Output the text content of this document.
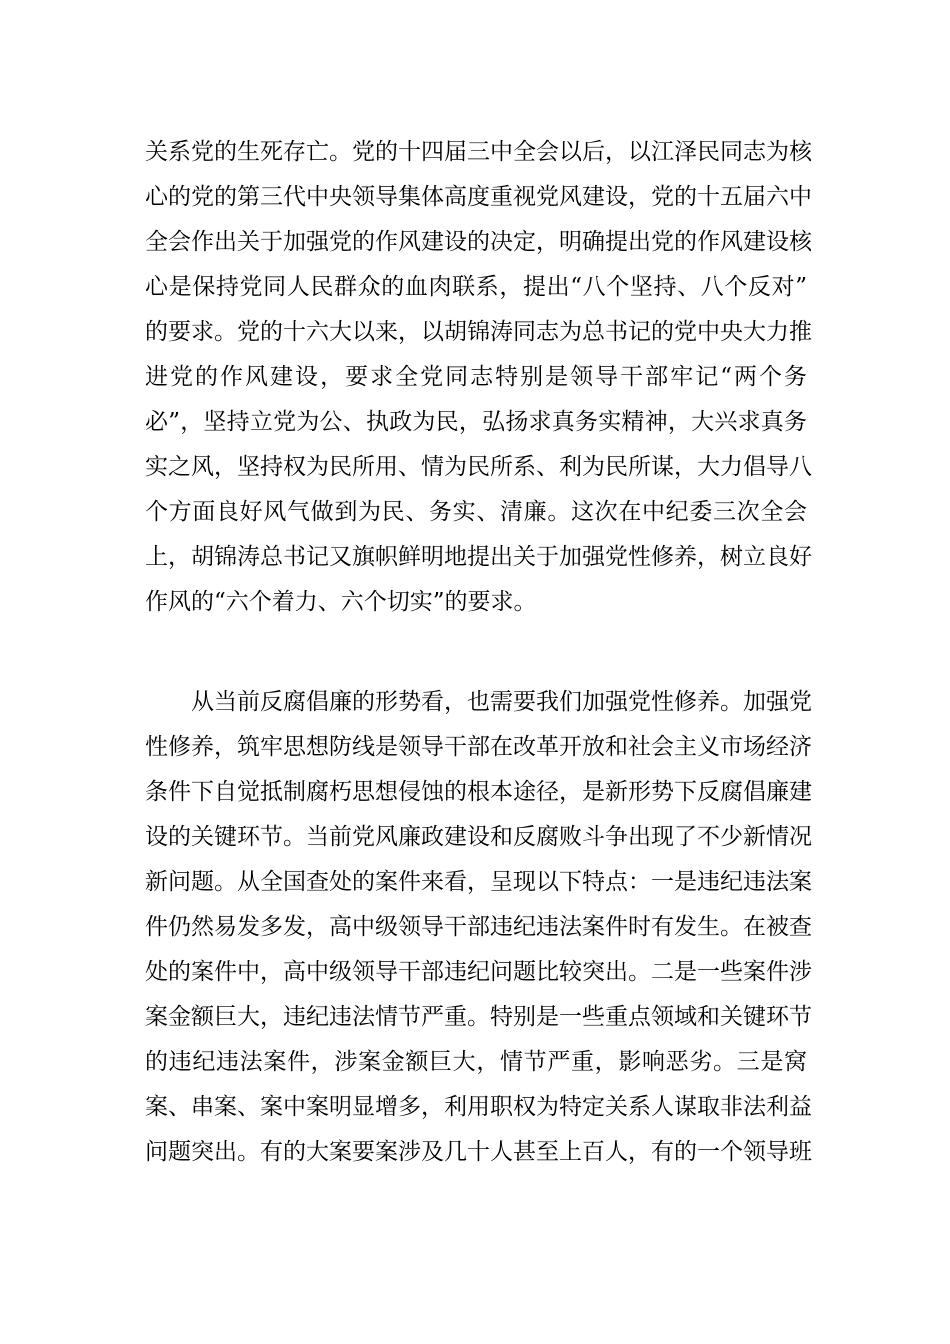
关系党的生死存亡。党的十四届三中全会以后，以江泽民同志为核
心的党的第三代中央领导集体高度重视党风建设，党的十五届六中
全会作出关于加强党的作风建设的决定，明确提出党的作风建设核
心是保持党同人民群众的血肉联系，提出“八个坚持、八个反对”
的要求。党的十六大以来，以胡锦涛同志为总书记的党中央大力推
进党的作风建设，要求全党同志特别是领导干部牢记“两个务
必”，坚持立党为公、执政为民，弘扬求真务实精神，大兴求真务
实之风，坚持权为民所用、情为民所系、利为民所谋，大力倡导八
个方面良好风气做到为民、务实、清廉。这次在中纪委三次全会
上，胡锦涛总书记又旗帜鲜明地提出关于加强党性修养，树立良好
作风的“六个着力、六个切实”的要求。
从当前反腐倡廉的形势看，也需要我们加强党性修养。加强党
性修养，筑牢思想防线是领导干部在改革开放和社会主义市场经济
条件下自觉抵制腐朽思想侵蚀的根本途径，是新形势下反腐倡廉建
设的关键环节。当前党风廉政建设和反腐败斗争出现了不少新情况
新问题。从全国查处的案件来看，呈现以下特点：一是违纪违法案
件仍然易发多发，高中级领导干部违纪违法案件时有发生。在被查
处的案件中，高中级领导干部违纪问题比较突出。二是一些案件涉
案金额巨大，违纪违法情节严重。特别是一些重点领域和关键环节
的违纪违法案件，涉案金额巨大，情节严重，影响恶劣。三是窝
案、串案、案中案明显增多，利用职权为特定关系人谋取非法利益
问题突出。有的大案要案涉及几十人甚至上百人，有的一个领导班
